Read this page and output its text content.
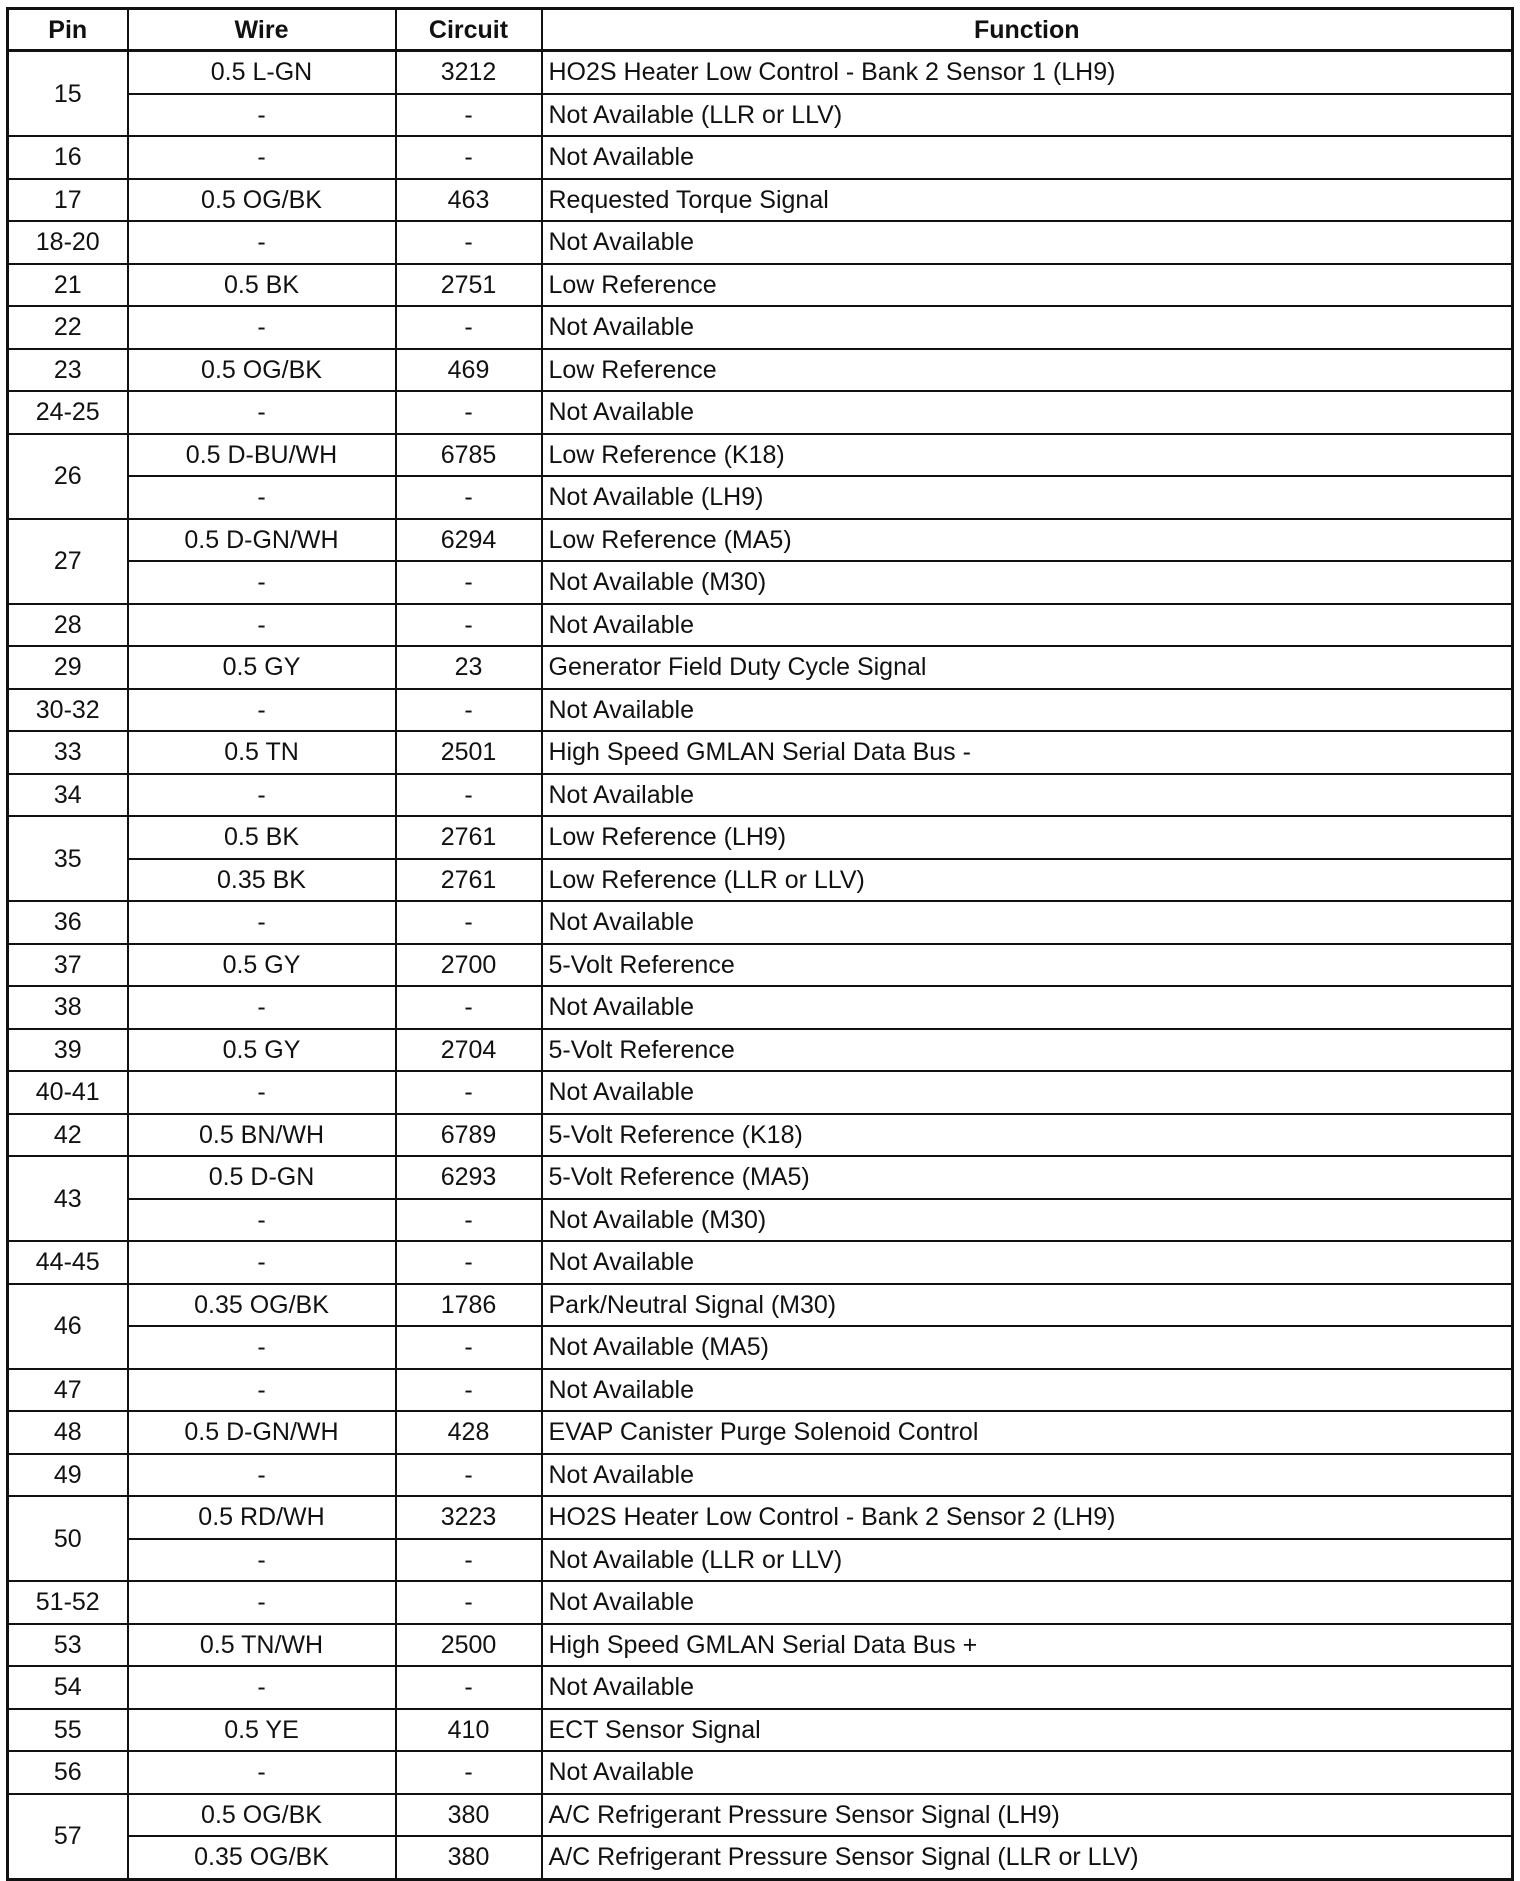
Pin	Wire	Circuit	Function
15	0.5 L-GN	3212	HO2S Heater Low Control - Bank 2 Sensor 1 (LH9)
	-	-	Not Available (LLR or LLV)
16	-	-	Not Available
17	0.5 OG/BK	463	Requested Torque Signal
18-20	-	-	Not Available
21	0.5 BK	2751	Low Reference
22	-	-	Not Available
23	0.5 OG/BK	469	Low Reference
24-25	-	-	Not Available
26	0.5 D-BU/WH	6785	Low Reference (K18)
	-	-	Not Available (LH9)
27	0.5 D-GN/WH	6294	Low Reference (MA5)
	-	-	Not Available (M30)
28	-	-	Not Available
29	0.5 GY	23	Generator Field Duty Cycle Signal
30-32	-	-	Not Available
33	0.5 TN	2501	High Speed GMLAN Serial Data Bus -
34	-	-	Not Available
35	0.5 BK	2761	Low Reference (LH9)
	0.35 BK	2761	Low Reference (LLR or LLV)
36	-	-	Not Available
37	0.5 GY	2700	5-Volt Reference
38	-	-	Not Available
39	0.5 GY	2704	5-Volt Reference
40-41	-	-	Not Available
42	0.5 BN/WH	6789	5-Volt Reference (K18)
43	0.5 D-GN	6293	5-Volt Reference (MA5)
	-	-	Not Available (M30)
44-45	-	-	Not Available
46	0.35 OG/BK	1786	Park/Neutral Signal (M30)
	-	-	Not Available (MA5)
47	-	-	Not Available
48	0.5 D-GN/WH	428	EVAP Canister Purge Solenoid Control
49	-	-	Not Available
50	0.5 RD/WH	3223	HO2S Heater Low Control - Bank 2 Sensor 2 (LH9)
	-	-	Not Available (LLR or LLV)
51-52	-	-	Not Available
53	0.5 TN/WH	2500	High Speed GMLAN Serial Data Bus +
54	-	-	Not Available
55	0.5 YE	410	ECT Sensor Signal
56	-	-	Not Available
57	0.5 OG/BK	380	A/C Refrigerant Pressure Sensor Signal (LH9)
	0.35 OG/BK	380	A/C Refrigerant Pressure Sensor Signal (LLR or LLV)
